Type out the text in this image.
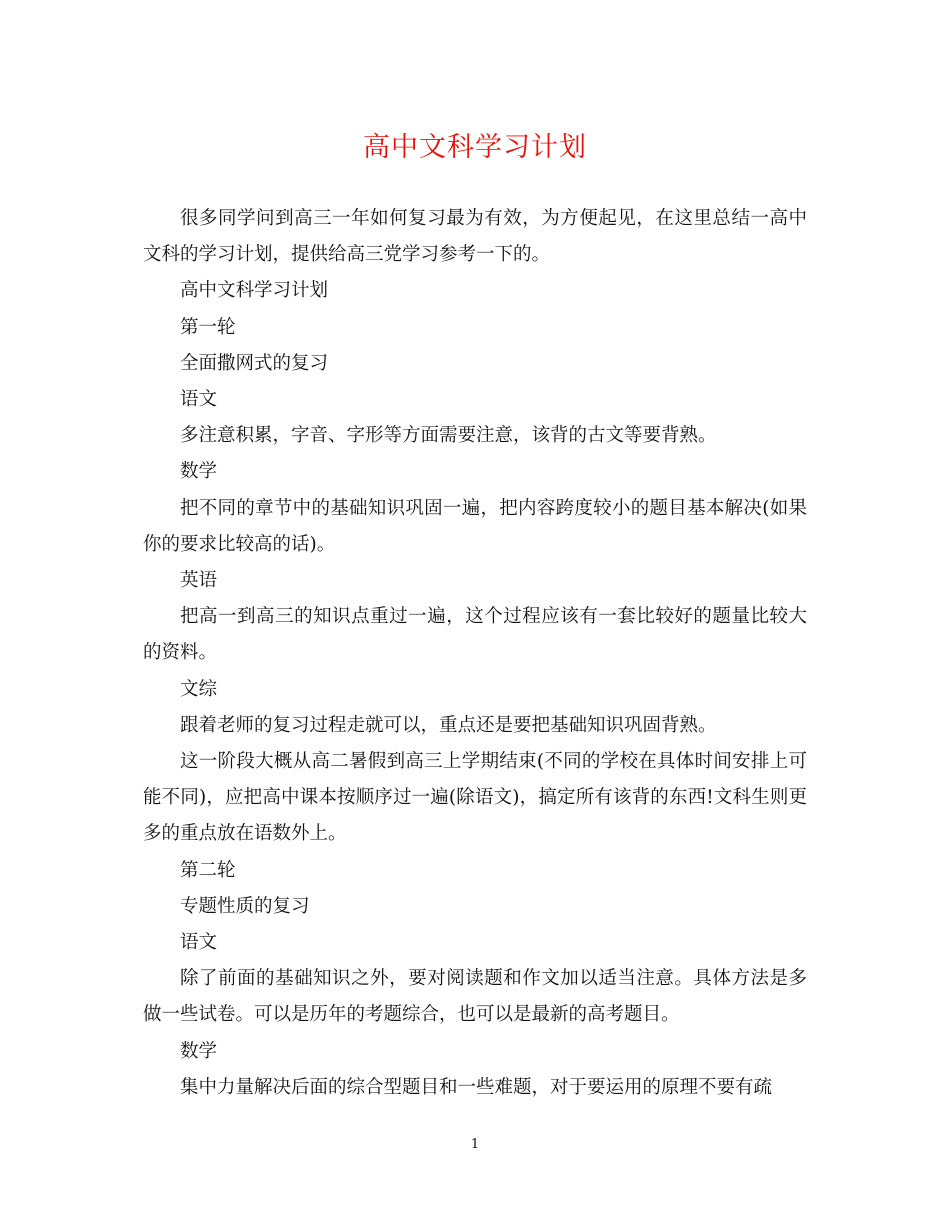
高中文科学习计划

很多同学问到高三一年如何复习最为有效，为方便起见，在这里总结一高中文科的学习计划，提供给高三党学习参考一下的。

高中文科学习计划

第一轮

全面撒网式的复习

语文

多注意积累，字音、字形等方面需要注意，该背的古文等要背熟。

数学

把不同的章节中的基础知识巩固一遍，把内容跨度较小的题目基本解决(如果你的要求比较高的话)。

英语

把高一到高三的知识点重过一遍，这个过程应该有一套比较好的题量比较大的资料。

文综

跟着老师的复习过程走就可以，重点还是要把基础知识巩固背熟。

这一阶段大概从高二暑假到高三上学期结束(不同的学校在具体时间安排上可能不同)，应把高中课本按顺序过一遍(除语文)，搞定所有该背的东西!文科生则更多的重点放在语数外上。

第二轮

专题性质的复习

语文

除了前面的基础知识之外，要对阅读题和作文加以适当注意。具体方法是多做一些试卷。可以是历年的考题综合，也可以是最新的高考题目。

数学

集中力量解决后面的综合型题目和一些难题，对于要运用的原理不要有疏

1
